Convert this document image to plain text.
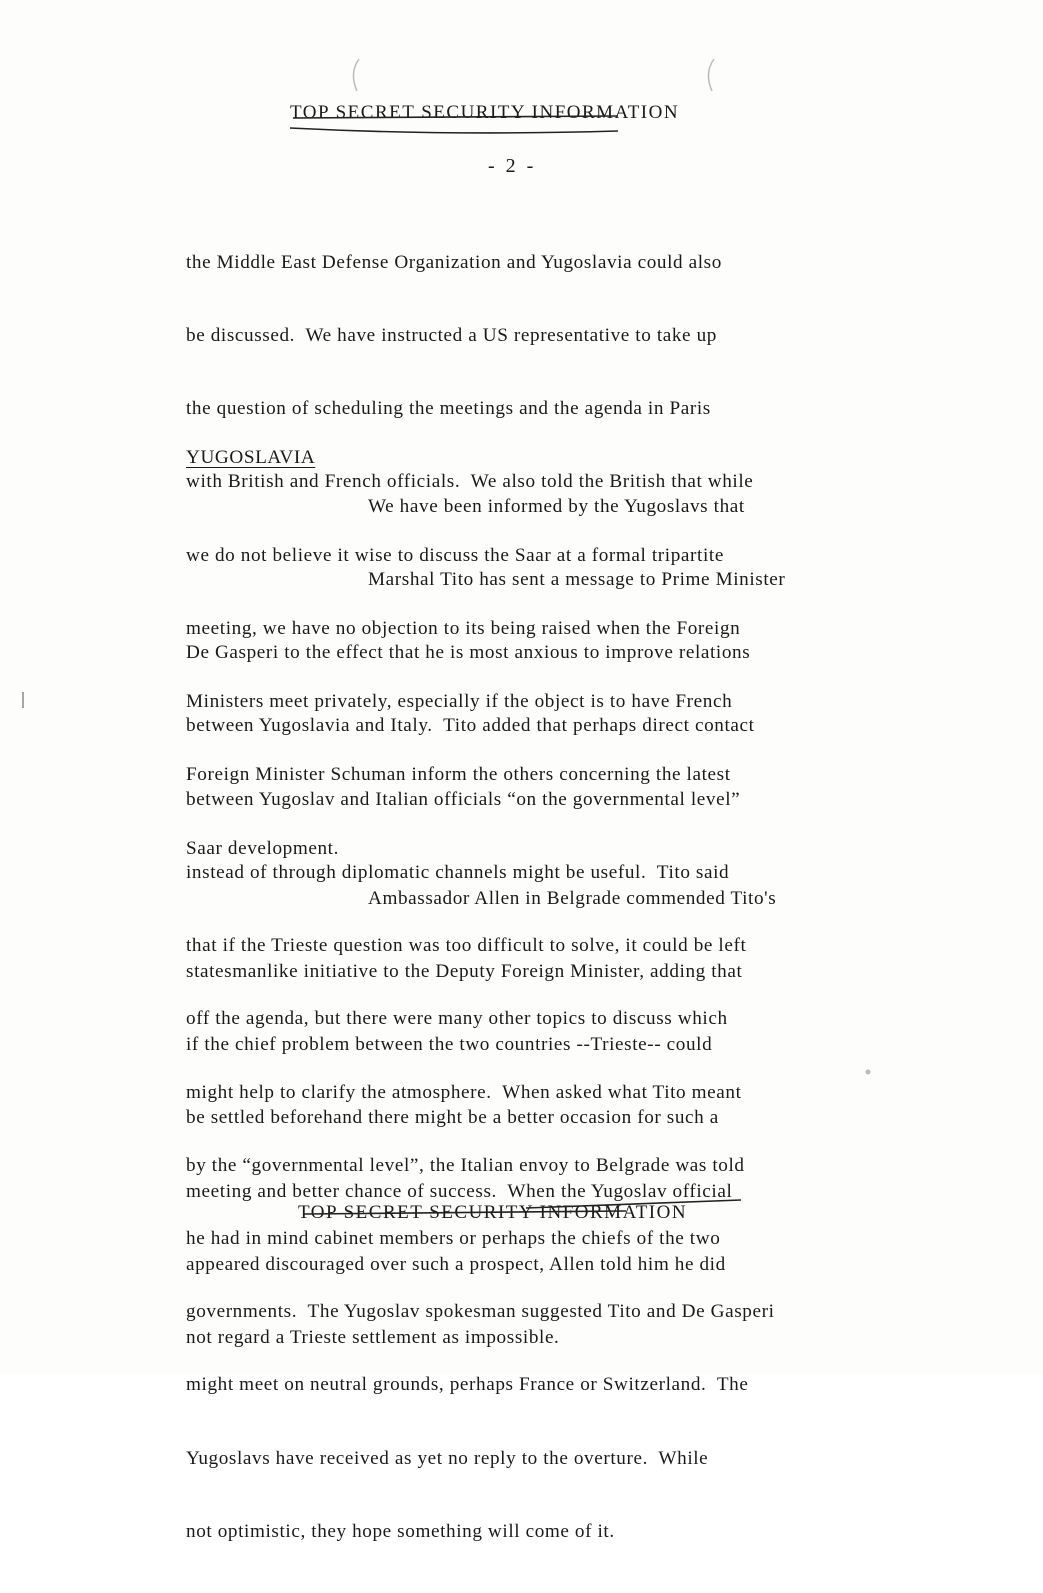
TOP SECRET SECURITY INFORMATION
- 2 -

the Middle East Defense Organization and Yugoslavia could also

be discussed.  We have instructed a US representative to take up

the question of scheduling the meetings and the agenda in Paris

with British and French officials.  We also told the British that while

we do not believe it wise to discuss the Saar at a formal tripartite

meeting, we have no objection to its being raised when the Foreign

Ministers meet privately, especially if the object is to have French

Foreign Minister Schuman inform the others concerning the latest

Saar development.

YUGOSLAVIA

We have been informed by the Yugoslavs that

Marshal Tito has sent a message to Prime Minister

De Gasperi to the effect that he is most anxious to improve relations

between Yugoslavia and Italy.  Tito added that perhaps direct contact

between Yugoslav and Italian officials “on the governmental level”

instead of through diplomatic channels might be useful.  Tito said

that if the Trieste question was too difficult to solve, it could be left

off the agenda, but there were many other topics to discuss which

might help to clarify the atmosphere.  When asked what Tito meant

by the “governmental level”, the Italian envoy to Belgrade was told

he had in mind cabinet members or perhaps the chiefs of the two

governments.  The Yugoslav spokesman suggested Tito and De Gasperi

might meet on neutral grounds, perhaps France or Switzerland.  The

Yugoslavs have received as yet no reply to the overture.  While

not optimistic, they hope something will come of it.

Ambassador Allen in Belgrade commended Tito's

statesmanlike initiative to the Deputy Foreign Minister, adding that

if the chief problem between the two countries --Trieste-- could

be settled beforehand there might be a better occasion for such a

meeting and better chance of success.  When the Yugoslav official

appeared discouraged over such a prospect, Allen told him he did

not regard a Trieste settlement as impossible.

TOP SECRET SECURITY INFORMATION
